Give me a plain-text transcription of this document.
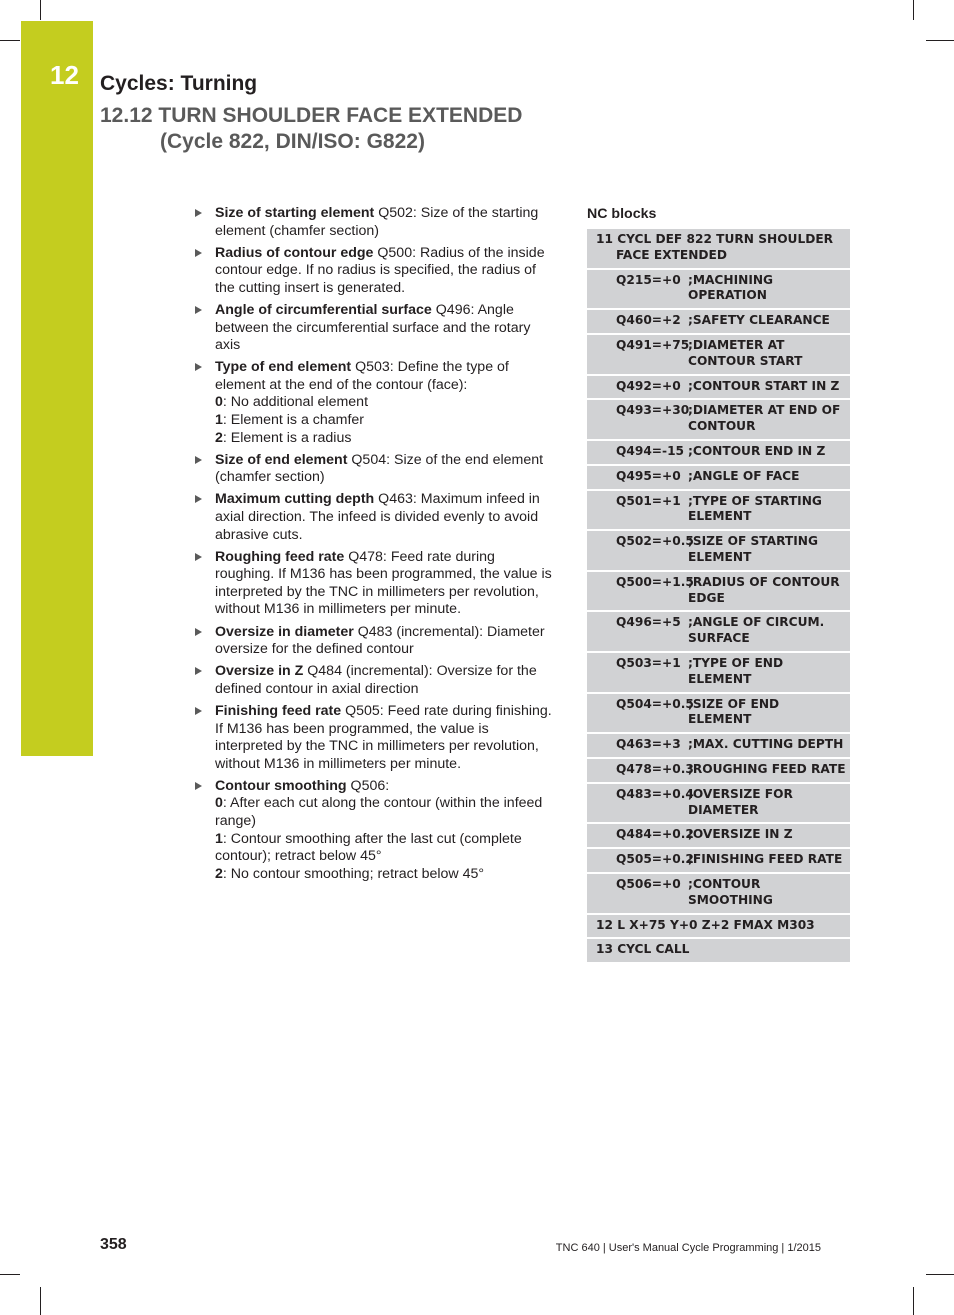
12 Cycles: Turning
12.12 TURN SHOULDER FACE EXTENDED
(Cycle 822, DIN/ISO: G822)
Size of starting element Q502: Size of the starting element (chamfer section)
Radius of contour edge Q500: Radius of the inside contour edge. If no radius is specified, the radius of the cutting insert is generated.
Angle of circumferential surface Q496: Angle between the circumferential surface and the rotary axis
Type of end element Q503: Define the type of element at the end of the contour (face):
0: No additional element
1: Element is a chamfer
2: Element is a radius
Size of end element Q504: Size of the end element (chamfer section)
Maximum cutting depth Q463: Maximum infeed in axial direction. The infeed is divided evenly to avoid abrasive cuts.
Roughing feed rate Q478: Feed rate during roughing. If M136 has been programmed, the value is interpreted by the TNC in millimeters per revolution, without M136 in millimeters per minute.
Oversize in diameter Q483 (incremental): Diameter oversize for the defined contour
Oversize in Z Q484 (incremental): Oversize for the defined contour in axial direction
Finishing feed rate Q505: Feed rate during finishing. If M136 has been programmed, the value is interpreted by the TNC in millimeters per revolution, without M136 in millimeters per minute.
Contour smoothing Q506:
0: After each cut along the contour (within the infeed range)
1: Contour smoothing after the last cut (complete contour); retract below 45°
2: No contour smoothing; retract below 45°
NC blocks
11 CYCL DEF 822 TURN SHOULDER
FACE EXTENDED
Q215=+0 ;MACHINING OPERATION
Q460=+2 ;SAFETY CLEARANCE
Q491=+75
;DIAMETER AT CONTOUR START
Q492=+0 ;CONTOUR START IN Z
Q493=+30
;DIAMETER AT END OF CONTOUR
Q494=-15 ;CONTOUR END IN Z
Q495=+0 ;ANGLE OF FACE
Q501=+1 ;TYPE OF STARTING ELEMENT
Q502=+0.5
;SIZE OF STARTING ELEMENT
Q500=+1.5
;RADIUS OF CONTOUR EDGE
Q496=+5 ;ANGLE OF CIRCUM. SURFACE
Q503=+1 ;TYPE OF END ELEMENT
Q504=+0.5
;SIZE OF END ELEMENT
Q463=+3 ;MAX. CUTTING DEPTH
Q478=+0.3
;ROUGHING FEED RATE
Q483=+0.4
;OVERSIZE FOR DIAMETER
Q484=+0.2
;OVERSIZE IN Z
Q505=+0.2
;FINISHING FEED RATE
Q506=+0 ;CONTOUR SMOOTHING
12 L X+75 Y+0 Z+2 FMAX M303
13 CYCL CALL
358	TNC 640 | User's Manual Cycle Programming | 1/2015
